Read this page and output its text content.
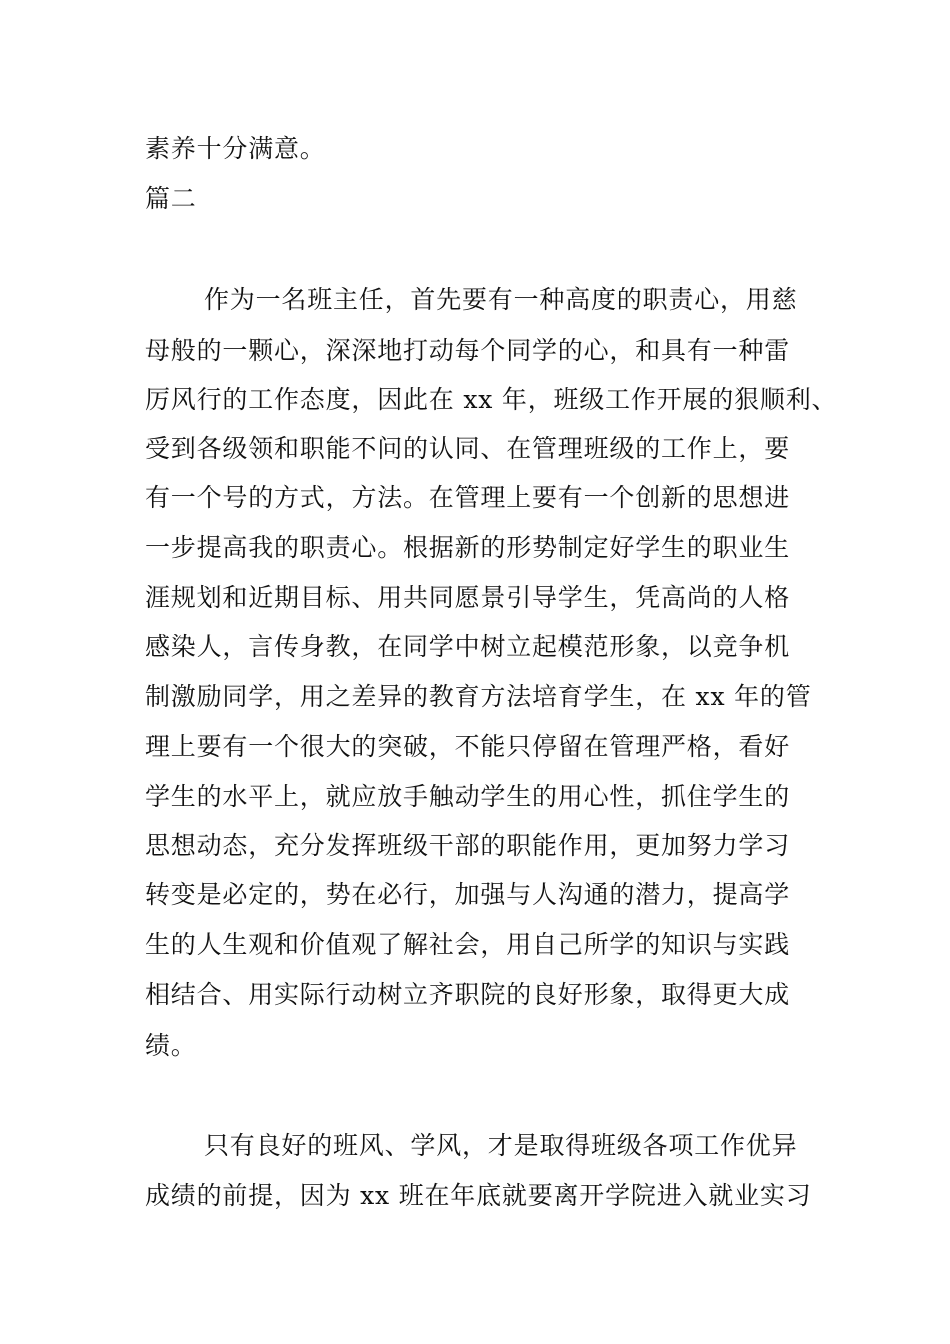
素养十分满意。
篇二
作为一名班主任，首先要有一种高度的职责心，用慈
母般的一颗心，深深地打动每个同学的心，和具有一种雷
厉风行的工作态度，因此在 xx 年，班级工作开展的狠顺利、
受到各级领和职能不问的认同、在管理班级的工作上，要
有一个号的方式，方法。在管理上要有一个创新的思想进
一步提高我的职责心。根据新的形势制定好学生的职业生
涯规划和近期目标、用共同愿景引导学生，凭高尚的人格
感染人，言传身教，在同学中树立起模范形象，以竞争机
制激励同学，用之差异的教育方法培育学生，在 xx 年的管
理上要有一个很大的突破，不能只停留在管理严格，看好
学生的水平上，就应放手触动学生的用心性，抓住学生的
思想动态，充分发挥班级干部的职能作用，更加努力学习
转变是必定的，势在必行，加强与人沟通的潜力，提高学
生的人生观和价值观了解社会，用自己所学的知识与实践
相结合、用实际行动树立齐职院的良好形象，取得更大成
绩。
只有良好的班风、学风，才是取得班级各项工作优异
成绩的前提，因为 xx 班在年底就要离开学院进入就业实习
